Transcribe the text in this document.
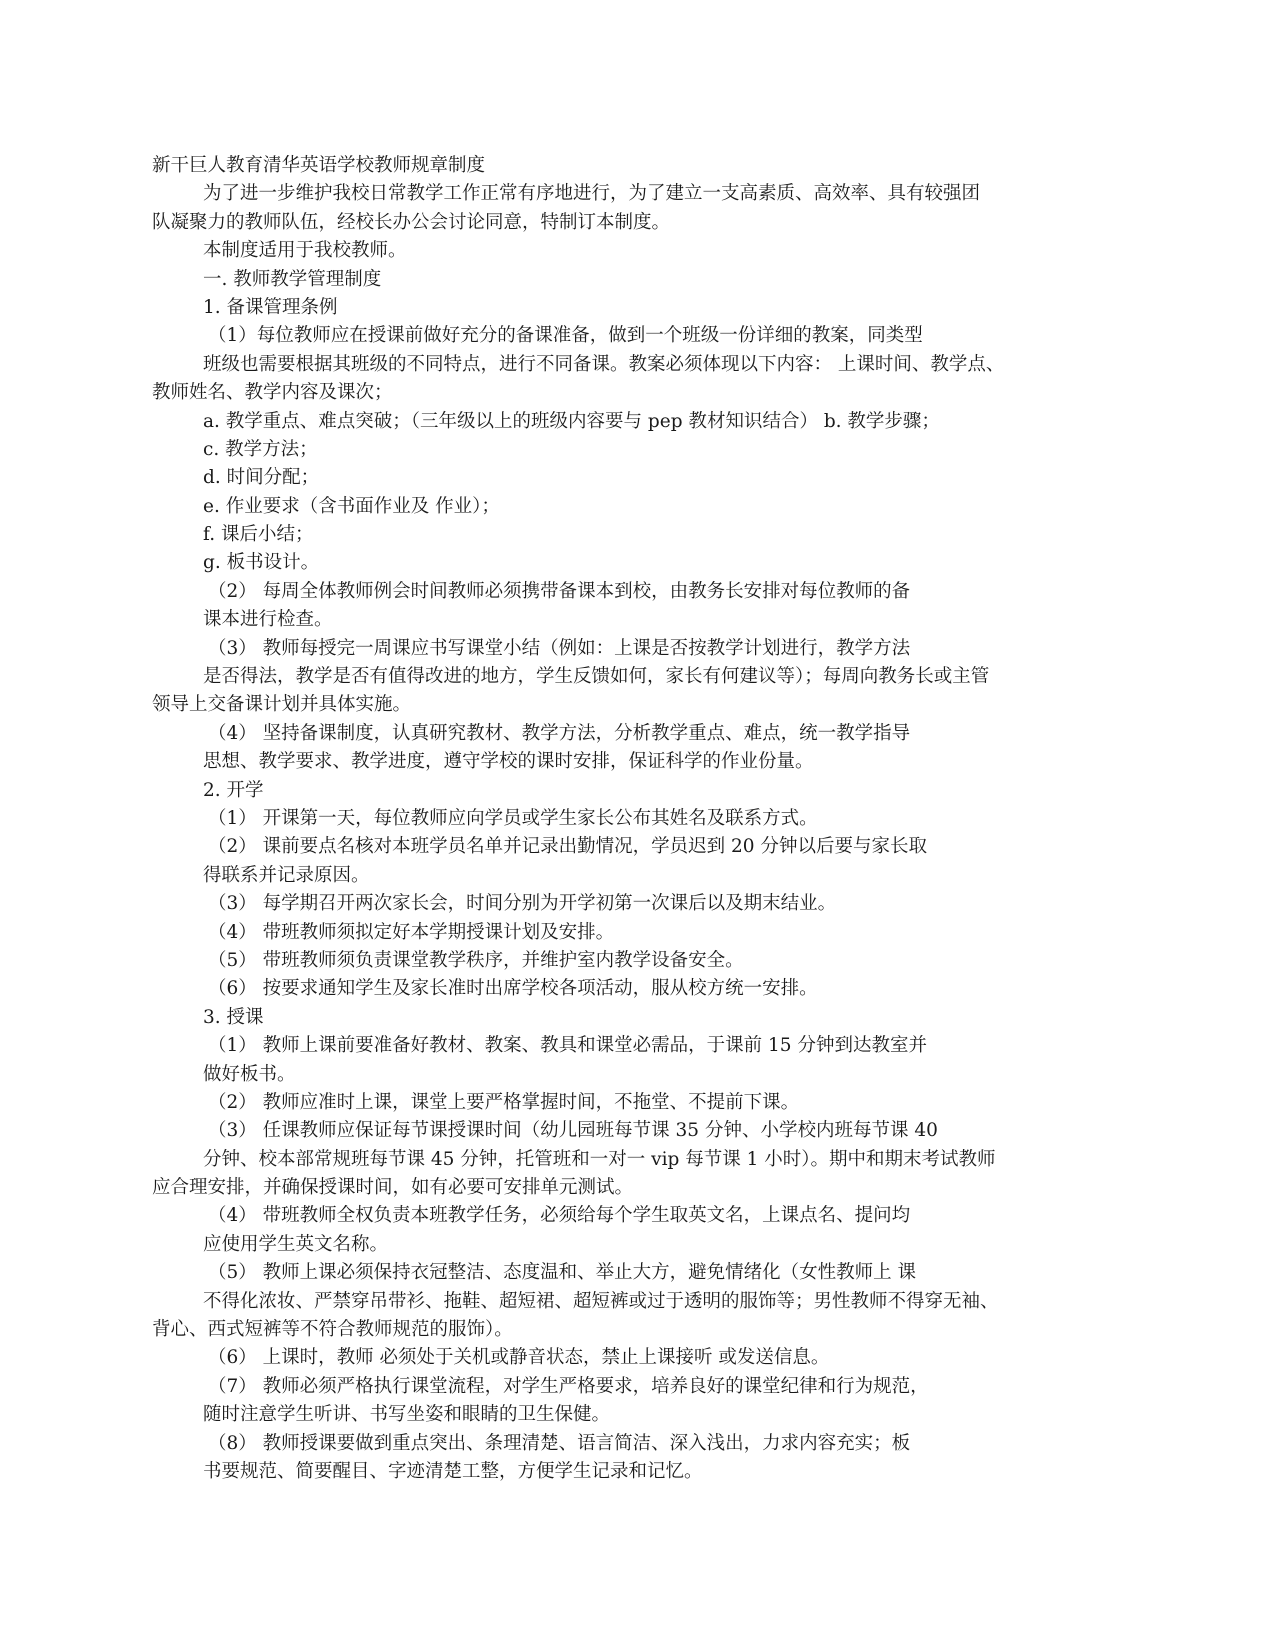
新干巨人教育清华英语学校教师规章制度
为了进一步维护我校日常教学工作正常有序地进行，为了建立一支高素质、高效率、具有较强团
队凝聚力的教师队伍，经校长办公会讨论同意，特制订本制度。
本制度适用于我校教师。
一. 教师教学管理制度
1. 备课管理条例
（1）每位教师应在授课前做好充分的备课准备，做到一个班级一份详细的教案，同类型
班级也需要根据其班级的不同特点，进行不同备课。教案必须体现以下内容： 上课时间、教学点、
教师姓名、教学内容及课次；
a. 教学重点、难点突破；（三年级以上的班级内容要与 pep 教材知识结合） b. 教学步骤；
c. 教学方法；
d. 时间分配；
e. 作业要求（含书面作业及 作业）；
f. 课后小结；
g. 板书设计。
（2） 每周全体教师例会时间教师必须携带备课本到校，由教务长安排对每位教师的备
课本进行检查。
（3） 教师每授完一周课应书写课堂小结（例如：上课是否按教学计划进行，教学方法
是否得法，教学是否有值得改进的地方，学生反馈如何，家长有何建议等）；每周向教务长或主管
领导上交备课计划并具体实施。
（4） 坚持备课制度，认真研究教材、教学方法，分析教学重点、难点，统一教学指导
思想、教学要求、教学进度，遵守学校的课时安排，保证科学的作业份量。
2. 开学
（1） 开课第一天，每位教师应向学员或学生家长公布其姓名及联系方式。
（2） 课前要点名核对本班学员名单并记录出勤情况，学员迟到 20 分钟以后要与家长取
得联系并记录原因。
（3） 每学期召开两次家长会，时间分别为开学初第一次课后以及期末结业。
（4） 带班教师须拟定好本学期授课计划及安排。
（5） 带班教师须负责课堂教学秩序，并维护室内教学设备安全。
（6） 按要求通知学生及家长准时出席学校各项活动，服从校方统一安排。
3. 授课
（1） 教师上课前要准备好教材、教案、教具和课堂必需品，于课前 15 分钟到达教室并
做好板书。
（2） 教师应准时上课，课堂上要严格掌握时间，不拖堂、不提前下课。
（3） 任课教师应保证每节课授课时间（幼儿园班每节课 35 分钟、小学校内班每节课 40
分钟、校本部常规班每节课 45 分钟，托管班和一对一 vip 每节课 1 小时）。期中和期末考试教师
应合理安排，并确保授课时间，如有必要可安排单元测试。
（4） 带班教师全权负责本班教学任务，必须给每个学生取英文名，上课点名、提问均
应使用学生英文名称。
（5） 教师上课必须保持衣冠整洁、态度温和、举止大方，避免情绪化（女性教师上 课
不得化浓妆、严禁穿吊带衫、拖鞋、超短裙、超短裤或过于透明的服饰等；男性教师不得穿无袖、
背心、西式短裤等不符合教师规范的服饰）。
（6） 上课时，教师 必须处于关机或静音状态，禁止上课接听 或发送信息。
（7） 教师必须严格执行课堂流程，对学生严格要求，培养良好的课堂纪律和行为规范，
随时注意学生听讲、书写坐姿和眼睛的卫生保健。
（8） 教师授课要做到重点突出、条理清楚、语言简洁、深入浅出，力求内容充实；板
书要规范、简要醒目、字迹清楚工整，方便学生记录和记忆。
